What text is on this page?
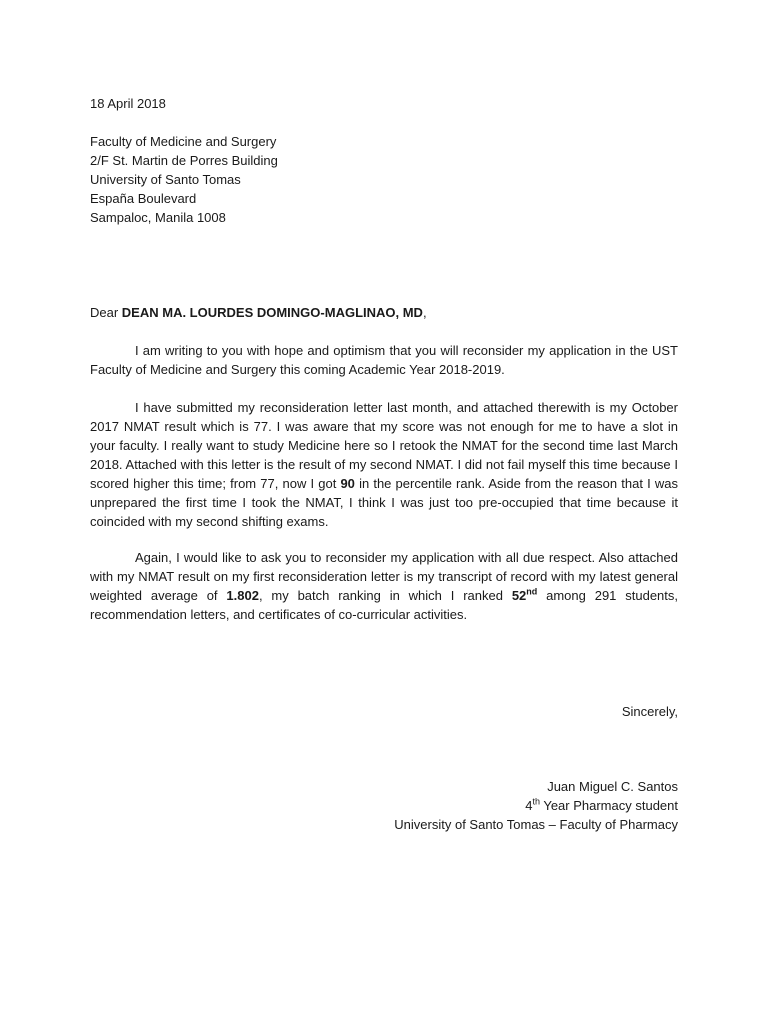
18 April 2018
Faculty of Medicine and Surgery
2/F St. Martin de Porres Building
University of Santo Tomas
España Boulevard
Sampaloc, Manila 1008
Dear DEAN MA. LOURDES DOMINGO-MAGLINAO, MD,
I am writing to you with hope and optimism that you will reconsider my application in the UST Faculty of Medicine and Surgery this coming Academic Year 2018-2019.
I have submitted my reconsideration letter last month, and attached therewith is my October 2017 NMAT result which is 77. I was aware that my score was not enough for me to have a slot in your faculty. I really want to study Medicine here so I retook the NMAT for the second time last March 2018. Attached with this letter is the result of my second NMAT. I did not fail myself this time because I scored higher this time; from 77, now I got 90 in the percentile rank. Aside from the reason that I was unprepared the first time I took the NMAT, I think I was just too pre-occupied that time because it coincided with my second shifting exams.
Again, I would like to ask you to reconsider my application with all due respect. Also attached with my NMAT result on my first reconsideration letter is my transcript of record with my latest general weighted average of 1.802, my batch ranking in which I ranked 52nd among 291 students, recommendation letters, and certificates of co-curricular activities.
Sincerely,
Juan Miguel C. Santos
4th Year Pharmacy student
University of Santo Tomas – Faculty of Pharmacy
